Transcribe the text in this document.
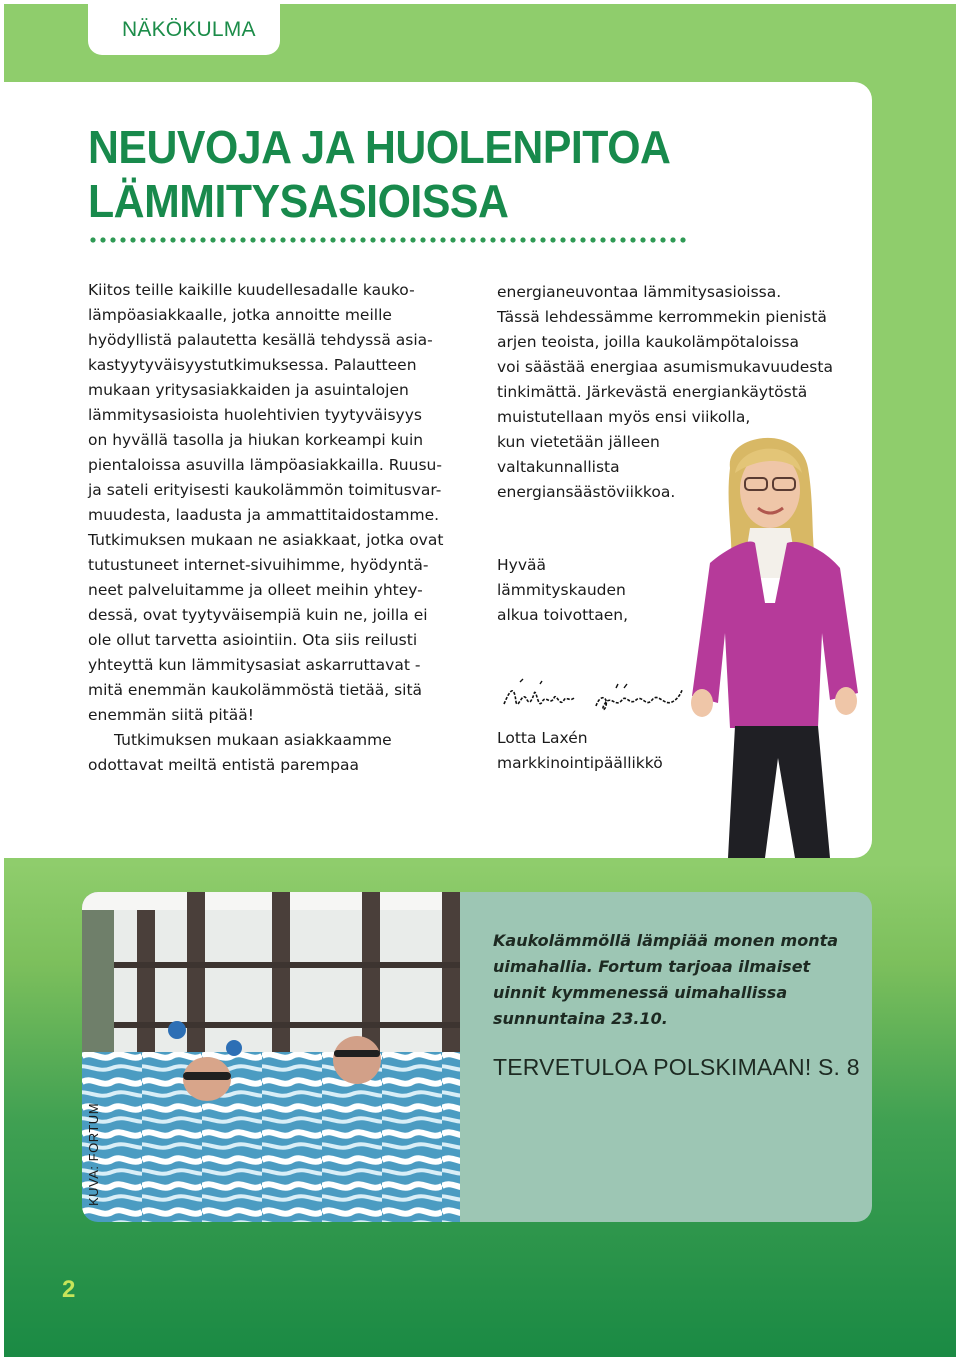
NÄKÖKULMA
NEUVOJA JA HUOLENPITOA
LÄMMITYSASIOISSA

Kiitos teille kaikille kuudellesadalle kauko-
lämpöasiakkaalle, jotka annoitte meille
hyödyllistä palautetta kesällä tehdyssä asia-
kastyytyväisyystutkimuksessa. Palautteen
mukaan yritysasiakkaiden ja asuintalojen
lämmitysasioista huolehtivien tyytyväisyys
on hyvällä tasolla ja hiukan korkeampi kuin
pientaloissa asuvilla lämpöasiakkailla. Ruusu-
ja sateli erityisesti kaukolämmön toimitusvar-
muudesta, laadusta ja ammattitaidostamme.
Tutkimuksen mukaan ne asiakkaat, jotka ovat
tutustuneet internet-sivuihimme, hyödyntä-
neet palveluitamme ja olleet meihin yhtey-
dessä, ovat tyytyväisempiä kuin ne, joilla ei
ole ollut tarvetta asiointiin. Ota siis reilusti
yhteyttä kun lämmitysasiat askarruttavat -
mitä enemmän kaukolämmöstä tietää, sitä
enemmän siitä pitää!

Tutkimuksen mukaan asiakkaamme
odottavat meiltä entistä parempaa

energianeuvontaa lämmitysasioissa.
Tässä lehdessämme kerrommekin pienistä
arjen teoista, joilla kaukolämpötaloissa
voi säästää energiaa asumismukavuudesta
tinkimättä. Järkevästä energiankäytöstä
muistutellaan myös ensi viikolla,
kun vietetään jälleen
valtakunnallista
energiansäästöviikkoa.

Hyvää
lämmityskauden
alkua toivottaen,

Lotta Laxén
markkinointipäällikkö
KUVA: FORTUM

Kaukolämmöllä lämpiää monen monta
uimahallia. Fortum tarjoaa ilmaiset
uinnit kymmenessä uimahallissa
sunnuntaina 23.10.

TERVETULOA POLSKIMAAN! S. 8
2
